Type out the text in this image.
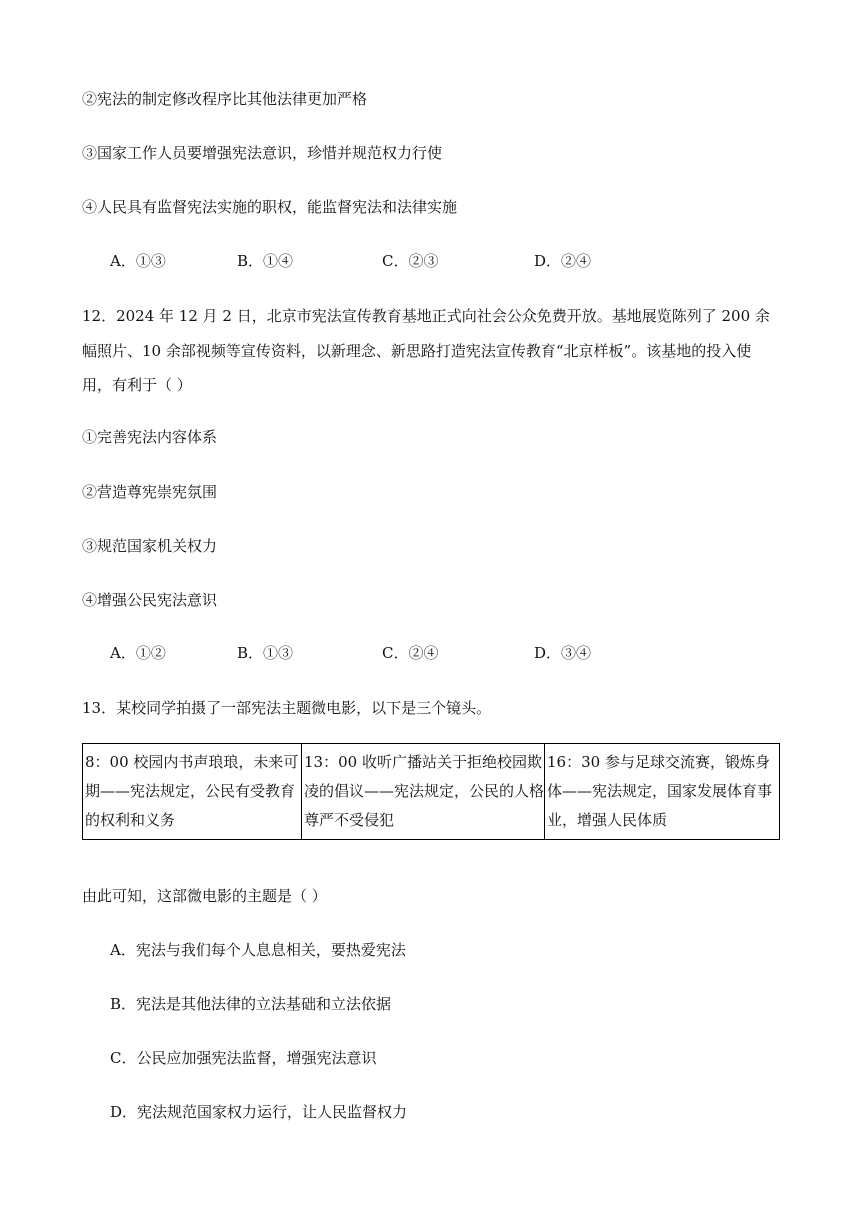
②宪法的制定修改程序比其他法律更加严格
③国家工作人员要增强宪法意识，珍惜并规范权力行使
④人民具有监督宪法实施的职权，能监督宪法和法律实施
A．①③	B．①④	C．②③	D．②④
12．2024 年 12 月 2 日，北京市宪法宣传教育基地正式向社会公众免费开放。基地展览陈列了 200 余
幅照片、10 余部视频等宣传资料，以新理念、新思路打造宪法宣传教育“北京样板”。该基地的投入使
用，有利于（ ）
①完善宪法内容体系
②营造尊宪崇宪氛围
③规范国家机关权力
④增强公民宪法意识
A．①②	B．①③	C．②④	D．③④
13．某校同学拍摄了一部宪法主题微电影，以下是三个镜头。
8：00 校园内书声琅琅，未来可期——宪法规定，公民有受教育的权利和义务	13：00 收听广播站关于拒绝校园欺凌的倡议——宪法规定，公民的人格尊严不受侵犯	16：30 参与足球交流赛，锻炼身体——宪法规定，国家发展体育事业，增强人民体质
由此可知，这部微电影的主题是（ ）
A．宪法与我们每个人息息相关，要热爱宪法
B．宪法是其他法律的立法基础和立法依据
C．公民应加强宪法监督，增强宪法意识
D．宪法规范国家权力运行，让人民监督权力
